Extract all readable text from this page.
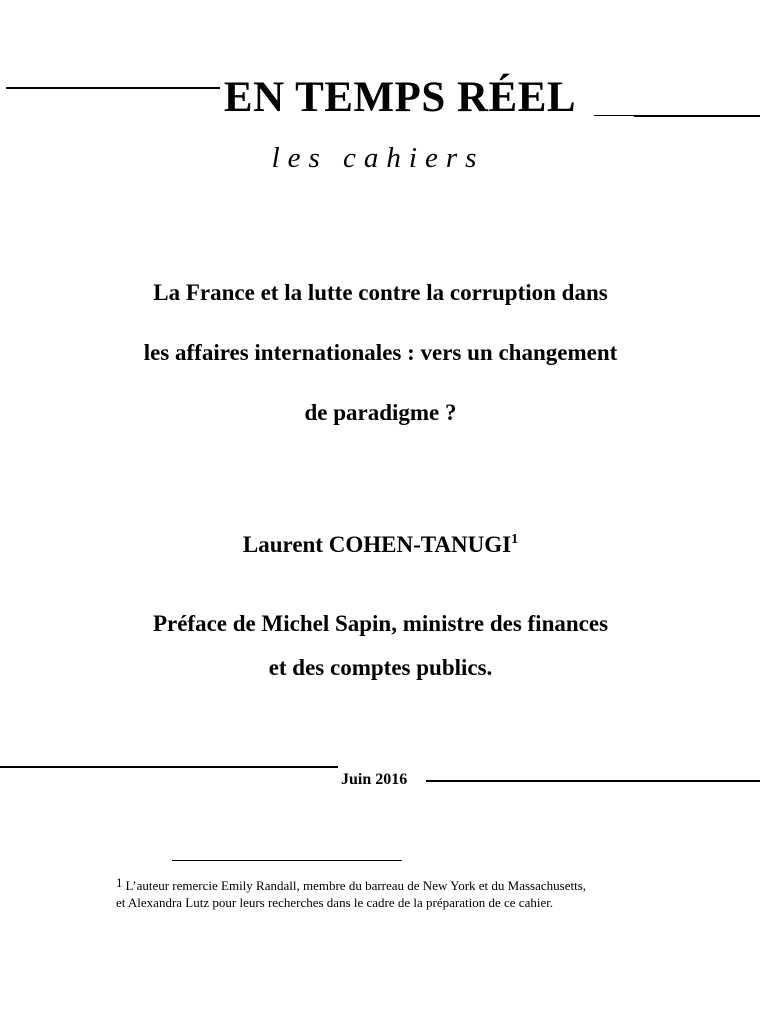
EN TEMPS RÉEL
les cahiers
La France et la lutte contre la corruption dans
les affaires internationales : vers un changement
de paradigme ?
Laurent COHEN-TANUGI$^1$
Préface de Michel Sapin, ministre des finances
et des comptes publics.
Juin 2016
1 L’auteur remercie Emily Randall, membre du barreau de New York et du Massachusetts,
et Alexandra Lutz pour leurs recherches dans le cadre de la préparation de ce cahier.
